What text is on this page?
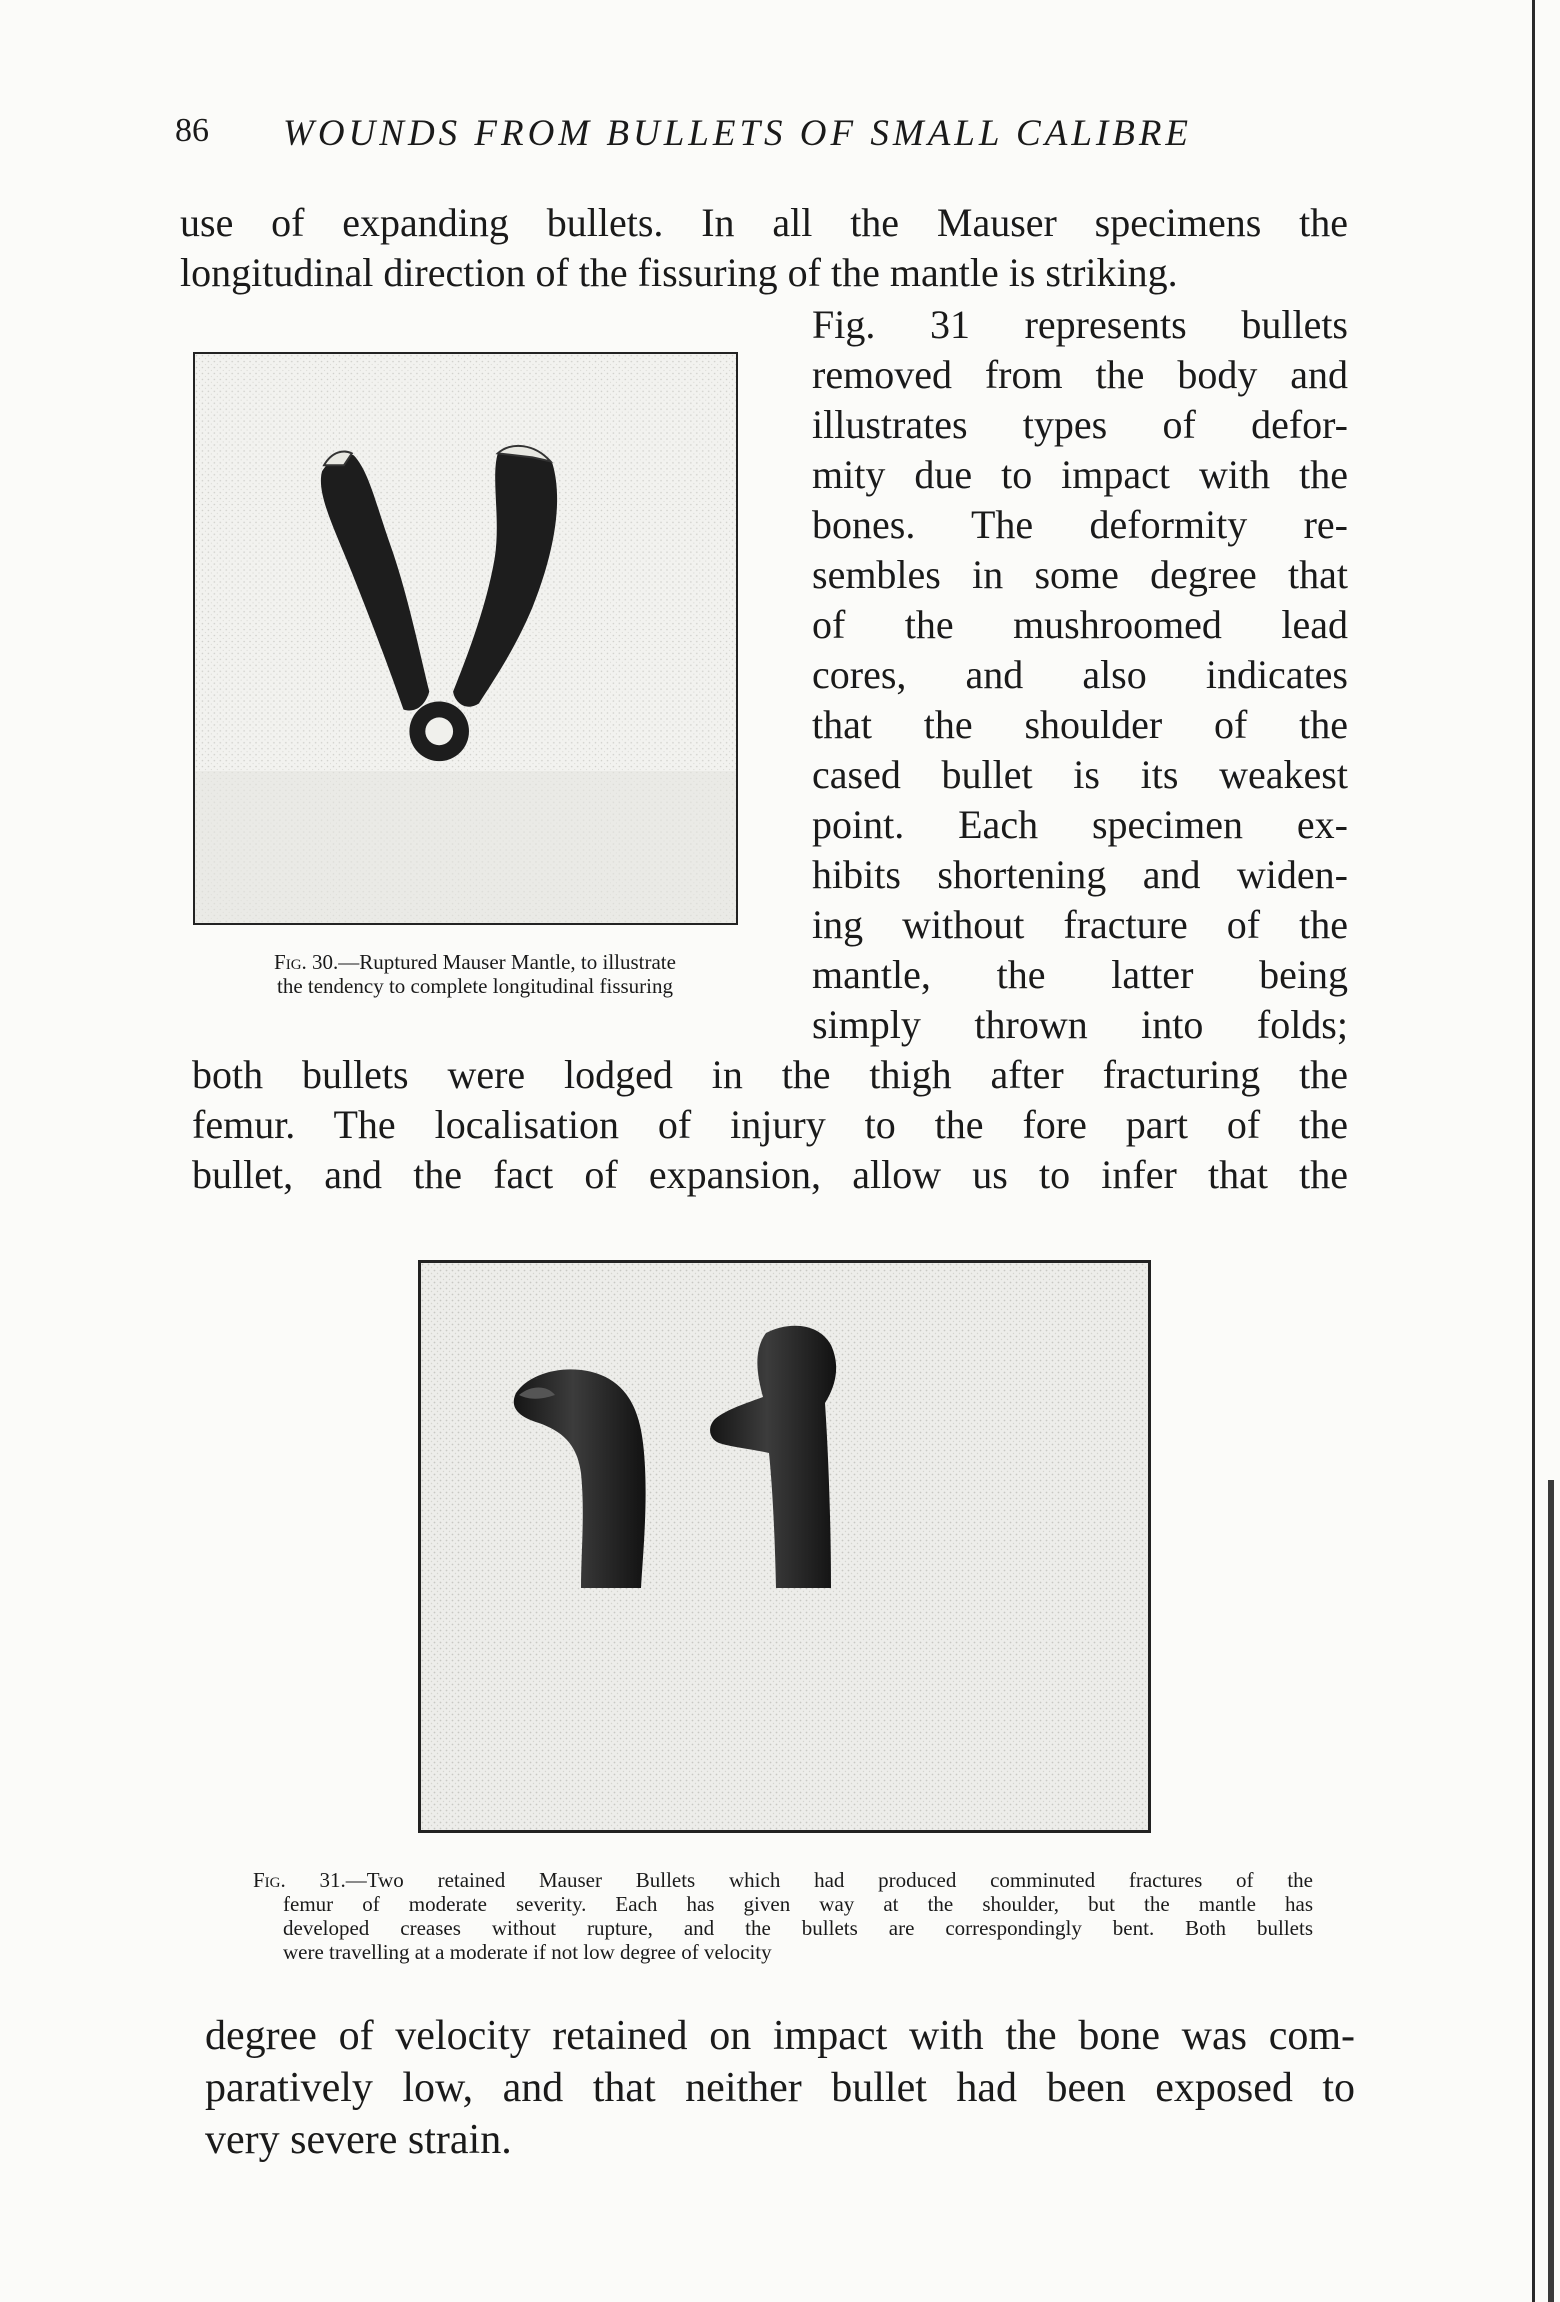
86 WOUNDS FROM BULLETS OF SMALL CALIBRE

use of expanding bullets. In all the Mauser specimens the
longitudinal direction of the fissuring of the mantle is striking.

Fig. 30.—Ruptured Mauser Mantle, to illustrate
the tendency to complete longitudinal fissuring

Fig. 31 represents bullets
removed from the body and
illustrates types of defor-
mity due to impact with the
bones. The deformity re-
sembles in some degree that
of the mushroomed lead
cores, and also indicates
that the shoulder of the
cased bullet is its weakest
point. Each specimen ex-
hibits shortening and widen-
ing without fracture of the
mantle, the latter being
simply thrown into folds;

both bullets were lodged in the thigh after fracturing the
femur. The localisation of injury to the fore part of the
bullet, and the fact of expansion, allow us to infer that the

Fig. 31.—Two retained Mauser Bullets which had produced comminuted fractures of the
femur of moderate severity. Each has given way at the shoulder, but the mantle has
developed creases without rupture, and the bullets are correspondingly bent. Both bullets
were travelling at a moderate if not low degree of velocity

degree of velocity retained on impact with the bone was com-
paratively low, and that neither bullet had been exposed to
very severe strain.
